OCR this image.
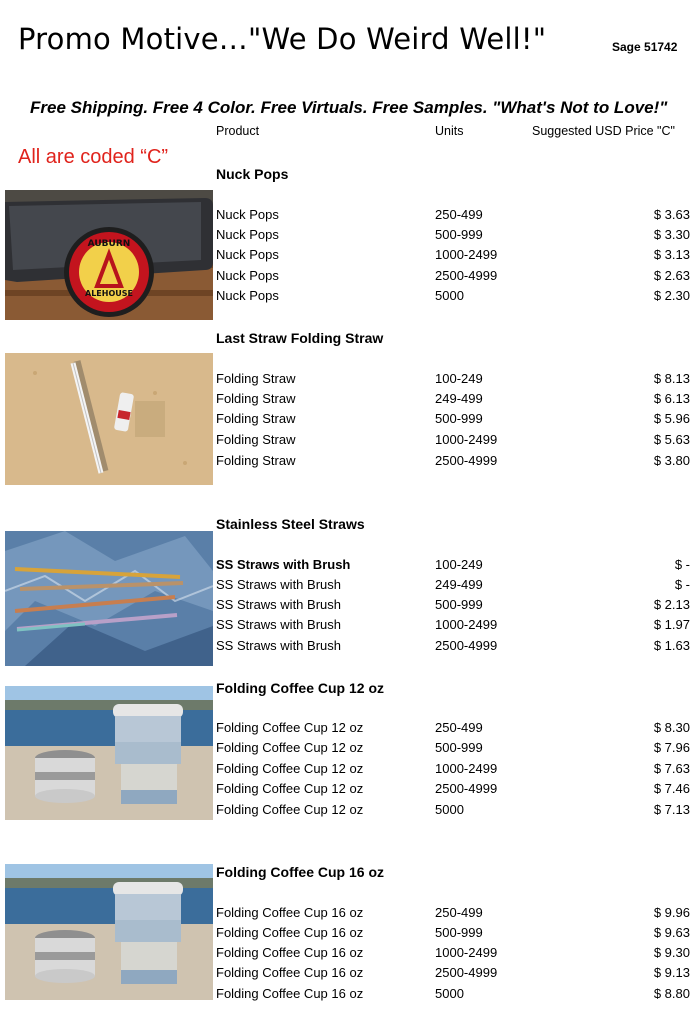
Promo Motive…"We Do Weird Well!"	Sage 51742
Free Shipping. Free 4 Color. Free Virtuals. Free Samples. "What's Not to Love!"
Product	Units	Suggested USD Price "C"
All are coded “C”
Nuck Pops
AUBURN
ALEHOUSE
Nuck Pops	250-499	$ 3.63
Nuck Pops	500-999	$ 3.30
Nuck Pops	1000-2499	$ 3.13
Nuck Pops	2500-4999	$ 2.63
Nuck Pops	5000	$ 2.30
Last Straw Folding Straw
Folding Straw	100-249	$ 8.13
Folding Straw	249-499	$ 6.13
Folding Straw	500-999	$ 5.96
Folding Straw	1000-2499	$ 5.63
Folding Straw	2500-4999	$ 3.80
Stainless Steel Straws
SS Straws with Brush	100-249	$ -
SS Straws with Brush	249-499	$ -
SS Straws with Brush	500-999	$ 2.13
SS Straws with Brush	1000-2499	$ 1.97
SS Straws with Brush	2500-4999	$ 1.63
Folding Coffee Cup 12 oz
Folding Coffee Cup 12 oz	250-499	$ 8.30
Folding Coffee Cup 12 oz	500-999	$ 7.96
Folding Coffee Cup 12 oz	1000-2499	$ 7.63
Folding Coffee Cup 12 oz	2500-4999	$ 7.46
Folding Coffee Cup 12 oz	5000	$ 7.13
Folding Coffee Cup 16 oz
Folding Coffee Cup 16 oz	250-499	$ 9.96
Folding Coffee Cup 16 oz	500-999	$ 9.63
Folding Coffee Cup 16 oz	1000-2499	$ 9.30
Folding Coffee Cup 16 oz	2500-4999	$ 9.13
Folding Coffee Cup 16 oz	5000	$ 8.80
